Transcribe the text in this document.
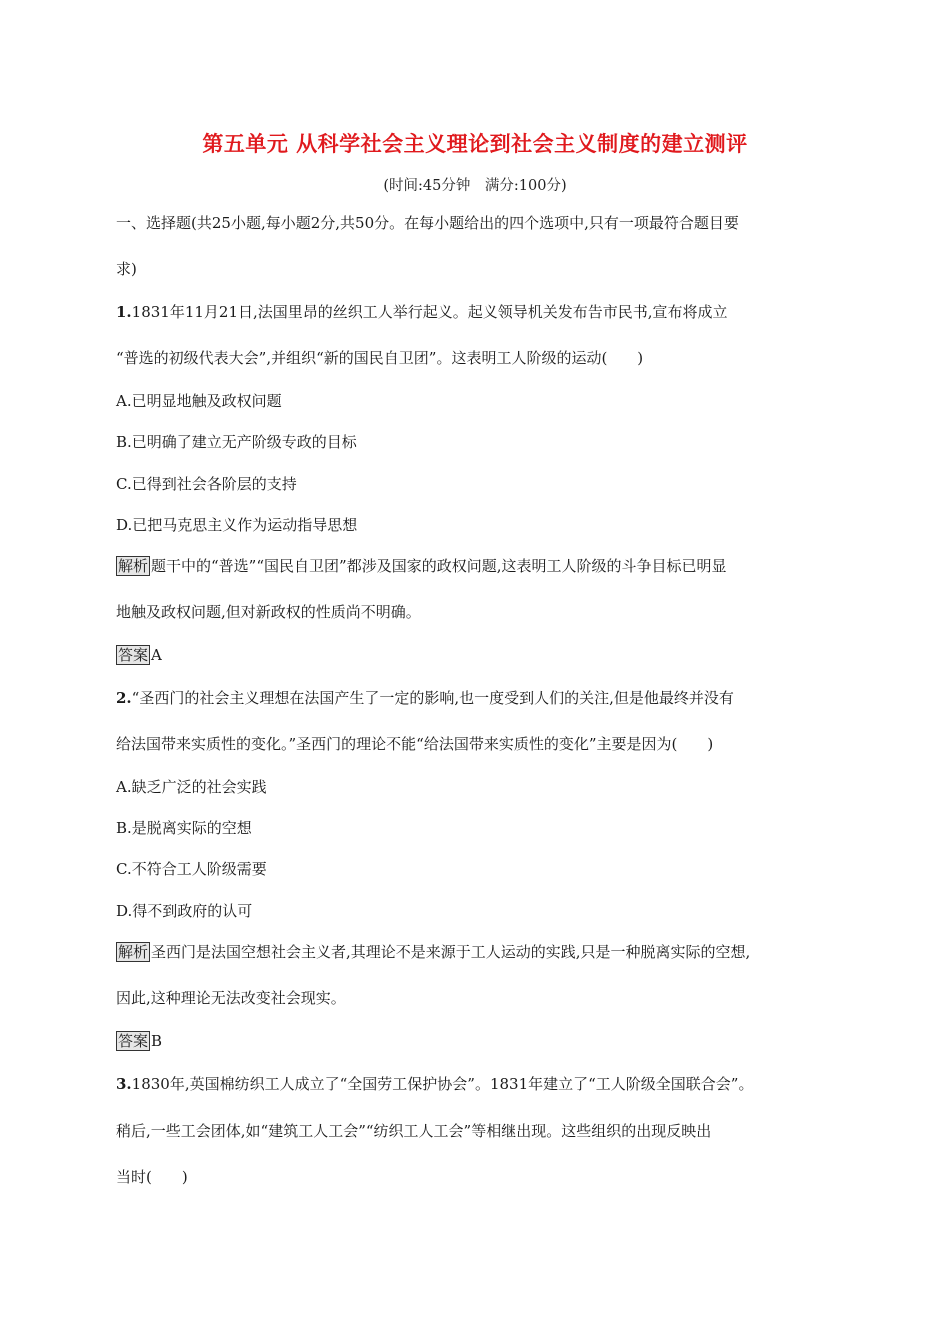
第五单元 从科学社会主义理论到社会主义制度的建立测评
(时间:45分钟　满分:100分)
一、选择题(共25小题,每小题2分,共50分。在每小题给出的四个选项中,只有一项最符合题目要
求)
1.1831年11月21日,法国里昂的丝织工人举行起义。起义领导机关发布告市民书,宣布将成立
“普选的初级代表大会”,并组织“新的国民自卫团”。这表明工人阶级的运动(　　)
A.已明显地触及政权问题
B.已明确了建立无产阶级专政的目标
C.已得到社会各阶层的支持
D.已把马克思主义作为运动指导思想
解析 题干中的“普选”“国民自卫团”都涉及国家的政权问题,这表明工人阶级的斗争目标已明显
地触及政权问题,但对新政权的性质尚不明确。
答案 A
2.“圣西门的社会主义理想在法国产生了一定的影响,也一度受到人们的关注,但是他最终并没有
给法国带来实质性的变化。”圣西门的理论不能“给法国带来实质性的变化”主要是因为(　　)
A.缺乏广泛的社会实践
B.是脱离实际的空想
C.不符合工人阶级需要
D.得不到政府的认可
解析 圣西门是法国空想社会主义者,其理论不是来源于工人运动的实践,只是一种脱离实际的空想,
因此,这种理论无法改变社会现实。
答案 B
3.1830年,英国棉纺织工人成立了“全国劳工保护协会”。1831年建立了“工人阶级全国联合会”。
稍后,一些工会团体,如“建筑工人工会”“纺织工人工会”等相继出现。这些组织的出现反映出
当时(　　)
